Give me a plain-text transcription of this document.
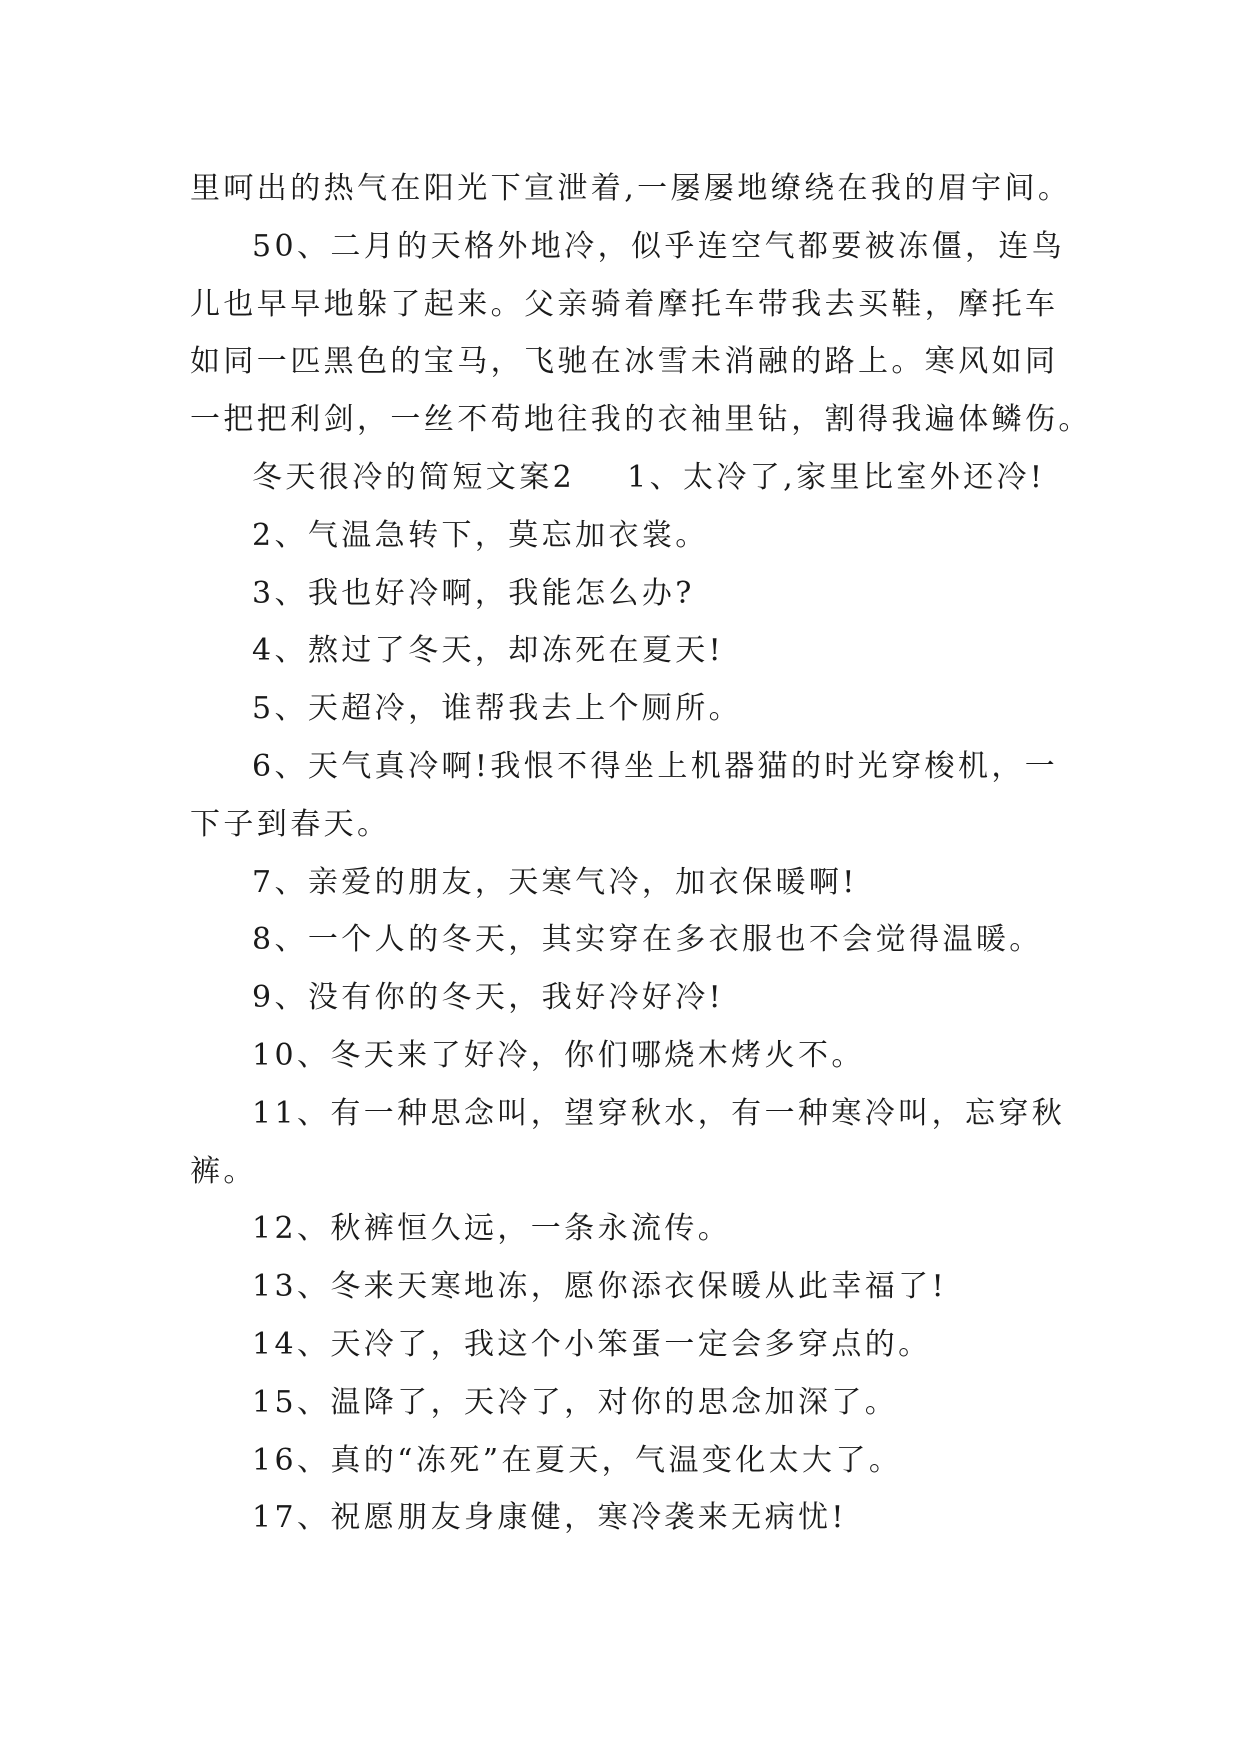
里呵出的热气在阳光下宣泄着,一屡屡地缭绕在我的眉宇间。
50、二月的天格外地冷，似乎连空气都要被冻僵，连鸟
儿也早早地躲了起来。父亲骑着摩托车带我去买鞋，摩托车
如同一匹黑色的宝马，飞驰在冰雪未消融的路上。寒风如同
一把把利剑，一丝不苟地往我的衣袖里钻，割得我遍体鳞伤。
冬天很冷的简短文案2 1、太冷了,家里比室外还冷!
2、气温急转下，莫忘加衣裳。
3、我也好冷啊，我能怎么办?
4、熬过了冬天，却冻死在夏天!
5、天超冷，谁帮我去上个厕所。
6、天气真冷啊!我恨不得坐上机器猫的时光穿梭机，一
下子到春天。
7、亲爱的朋友，天寒气冷，加衣保暖啊!
8、一个人的冬天，其实穿在多衣服也不会觉得温暖。
9、没有你的冬天，我好冷好冷!
10、冬天来了好冷，你们哪烧木烤火不。
11、有一种思念叫，望穿秋水，有一种寒冷叫，忘穿秋
裤。
12、秋裤恒久远，一条永流传。
13、冬来天寒地冻，愿你添衣保暖从此幸福了!
14、天冷了，我这个小笨蛋一定会多穿点的。
15、温降了，天冷了，对你的思念加深了。
16、真的“冻死”在夏天，气温变化太大了。
17、祝愿朋友身康健，寒冷袭来无病忧!
